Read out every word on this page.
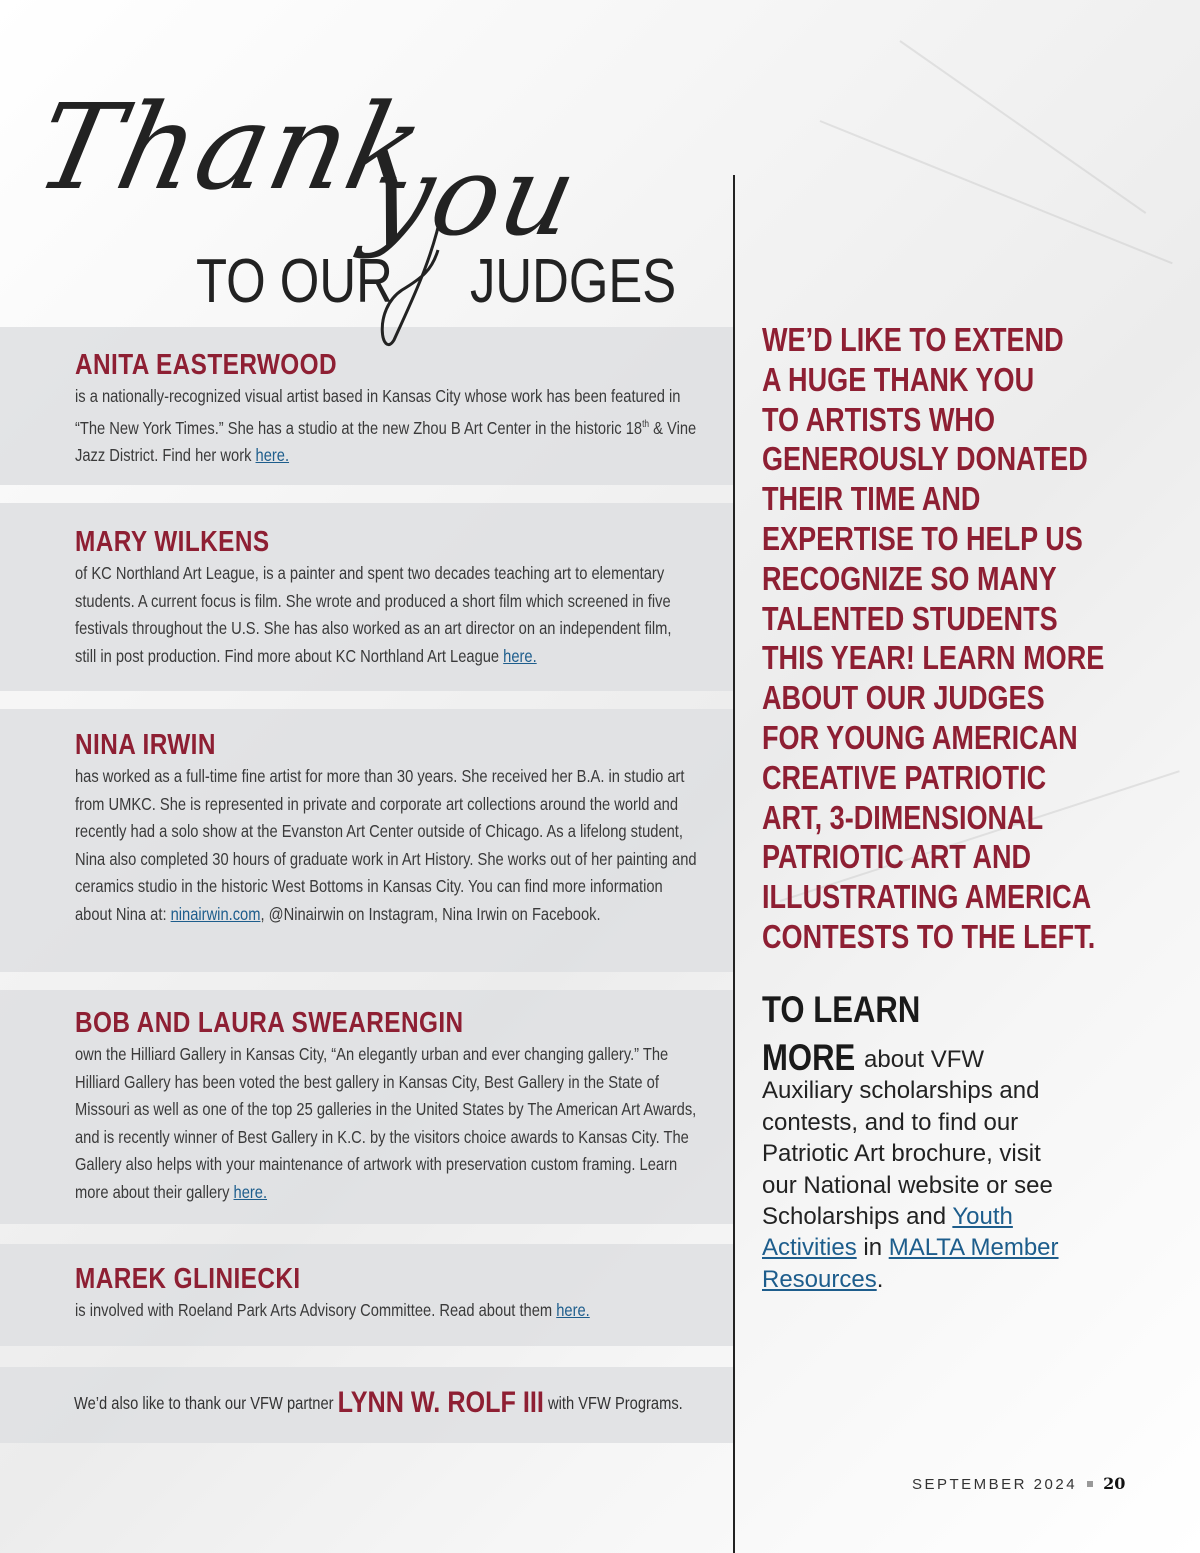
Thank
you
TO OUR JUDGES
ANITA EASTERWOOD
is a nationally-recognized visual artist based in Kansas City whose work has been featured in “The New York Times.” She has a studio at the new Zhou B Art Center in the historic 18th & Vine Jazz District. Find her work here.
MARY WILKENS
of KC Northland Art League, is a painter and spent two decades teaching art to elementary students. A current focus is film. She wrote and produced a short film which screened in five festivals throughout the U.S. She has also worked as an art director on an independent film, still in post production. Find more about KC Northland Art League here.
NINA IRWIN
has worked as a full-time fine artist for more than 30 years. She received her B.A. in studio art from UMKC. She is represented in private and corporate art collections around the world and recently had a solo show at the Evanston Art Center outside of Chicago. As a lifelong student, Nina also completed 30 hours of graduate work in Art History. She works out of her painting and ceramics studio in the historic West Bottoms in Kansas City. You can find more information about Nina at: ninairwin.com, @Ninairwin on Instagram, Nina Irwin on Facebook.
BOB AND LAURA SWEARENGIN
own the Hilliard Gallery in Kansas City, “An elegantly urban and ever changing gallery.” The Hilliard Gallery has been voted the best gallery in Kansas City, Best Gallery in the State of Missouri as well as one of the top 25 galleries in the United States by The American Art Awards, and is recently winner of Best Gallery in K.C. by the visitors choice awards to Kansas City. The Gallery also helps with your maintenance of artwork with preservation custom framing. Learn more about their gallery here.
MAREK GLINIECKI
is involved with Roeland Park Arts Advisory Committee. Read about them here.
We’d also like to thank our VFW partner LYNN W. ROLF III with VFW Programs.
WE’D LIKE TO EXTEND
A HUGE THANK YOU
TO ARTISTS WHO
GENEROUSLY DONATED
THEIR TIME AND
EXPERTISE TO HELP US
RECOGNIZE SO MANY
TALENTED STUDENTS
THIS YEAR! LEARN MORE
ABOUT OUR JUDGES
FOR YOUNG AMERICAN
CREATIVE PATRIOTIC
ART, 3-DIMENSIONAL
PATRIOTIC ART AND
ILLUSTRATING AMERICA
CONTESTS TO THE LEFT.
TO LEARN
MORE about VFW Auxiliary scholarships and contests, and to find our Patriotic Art brochure, visit our National website or see Scholarships and Youth Activities in MALTA Member Resources.
SEPTEMBER 2024 20
